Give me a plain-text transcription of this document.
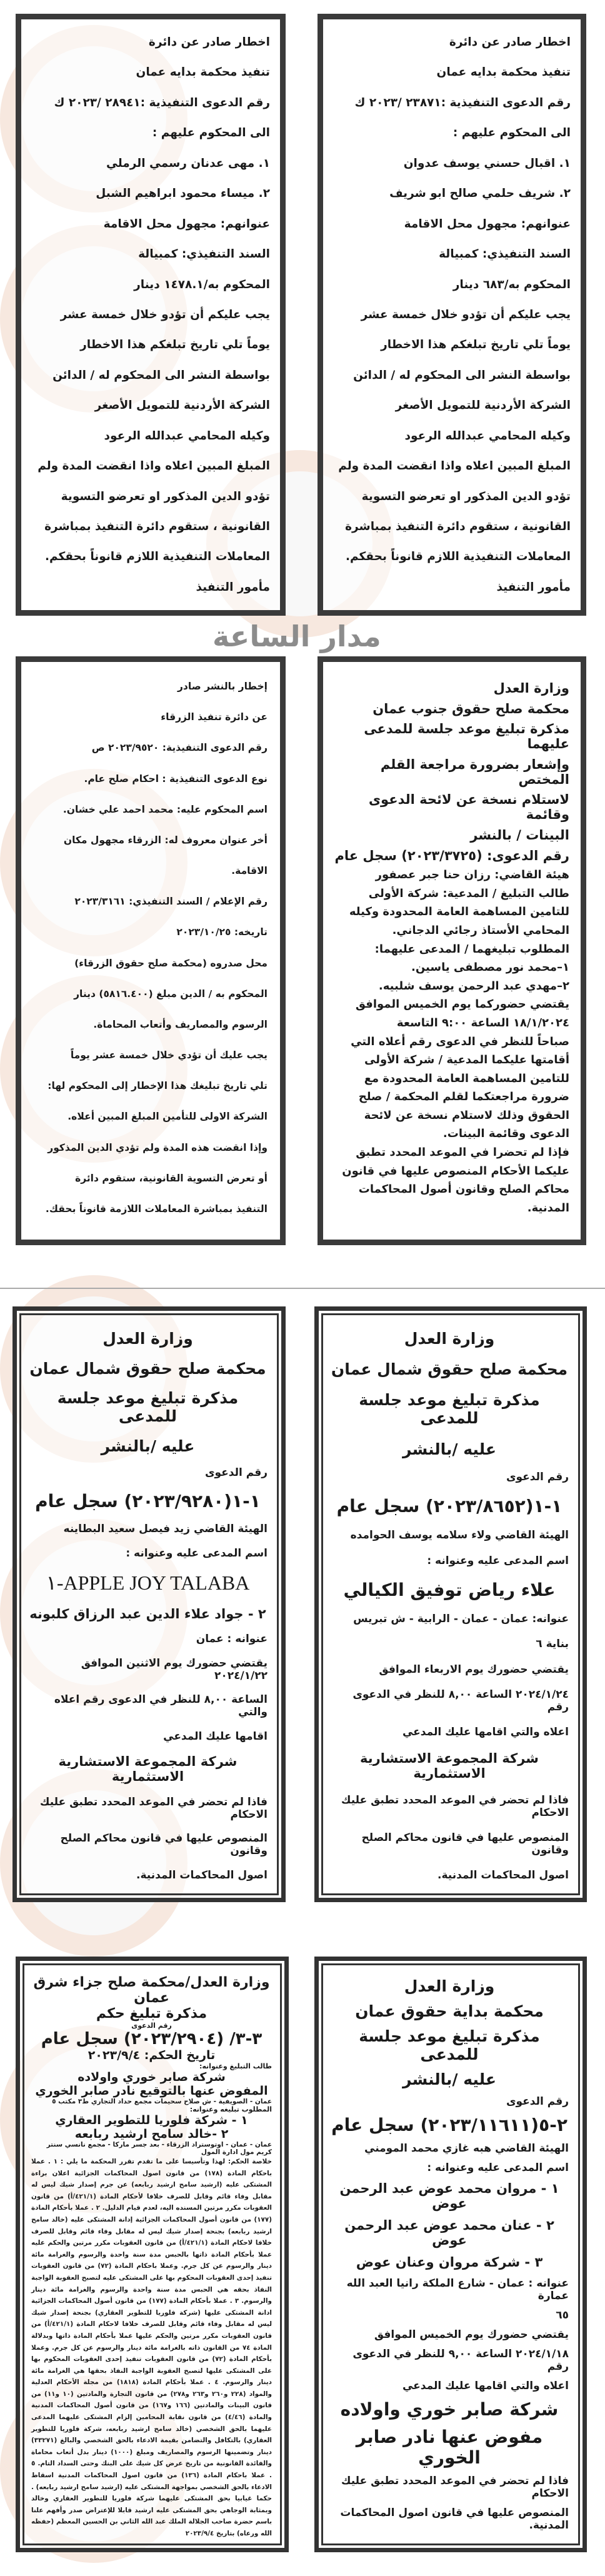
مدار الساعة
اخطار صادر عن دائرة
تنفيذ محكمة بدايه عمان
رقم الدعوى التنفيذية :٢٣٨٧١ /٢٠٢٣ ك
الى المحكوم عليهم :
١. اقبال حسني يوسف عدوان
٢. شريف حلمي صالح ابو شريف
عنوانهم: مجهول محل الاقامة
السند التنفيذي: كمبيالة
المحكوم به/٦٨٣ دينار
يجب عليكم أن تؤدو خلال خمسة عشر
يوماً تلي تاريخ تبلغكم هذا الاخطار
بواسطة النشر الى المحكوم له / الدائن
الشركة الأردنية للتمويل الأصغر
وكيله المحامي عبدالله الرعود
المبلغ المبين اعلاه واذا انقضت المدة ولم
تؤدو الدين المذكور او تعرضو التسوية
القانونية ، ستقوم دائرة التنفيذ بمباشرة
المعاملات التنفيذية اللازم قانوناً بحقكم.
مأمور التنفيذ
اخطار صادر عن دائرة
تنفيذ محكمة بدايه عمان
رقم الدعوى التنفيذية :٢٨٩٤١ /٢٠٢٣ ك
الى المحكوم عليهم :
١. مهى عدنان رسمي الرملي
٢. ميساء محمود ابراهيم الشبل
عنوانهم: مجهول محل الاقامة
السند التنفيذي: كمبيالة
المحكوم به/١٤٧٨.١ دينار
يجب عليكم أن تؤدو خلال خمسة عشر
يوماً تلي تاريخ تبلغكم هذا الاخطار
بواسطة النشر الى المحكوم له / الدائن
الشركة الأردنية للتمويل الأصغر
وكيله المحامي عبدالله الرعود
المبلغ المبين اعلاه واذا انقضت المدة ولم
تؤدو الدين المذكور او تعرضو التسوية
القانونية ، ستقوم دائرة التنفيذ بمباشرة
المعاملات التنفيذية اللازم قانوناً بحقكم.
مأمور التنفيذ
وزارة العدل
محكمة صلح حقوق جنوب عمان
مذكرة تبليغ موعد جلسة للمدعى عليهما
وإشعار بضرورة مراجعة القلم المختص
لاستلام نسخة عن لائحة الدعوى وقائمة
البينات / بالنشر
رقم الدعوى: (٢٠٢٣/٣٧٢٥) سجل عام
هيئة القاضي: رزان حنا جبر عصفور
طالب التبليغ / المدعية: شركة الأولى
للتامين المساهمة العامة المحدودة وكيله
المحامي الأستاذ رجائي الدجاني.
المطلوب تبليغهما / المدعى عليهما:
١–محمد نور مصطفى ياسين.
٢–مهدي عبد الرحمن يوسف شلبيه.
يقتضي حضوركما يوم الخميس الموافق
١٨/١/٢٠٢٤ الساعة ٩:٠٠ التاسعة
صباحاً للنظر في الدعوى رقم أعلاه التي
أقامتها عليكما المدعية / شركة الأولى
للتامين المساهمة العامة المحدودة مع
ضرورة مراجعتكما لقلم المحكمة / صلح
الحقوق وذلك لاستلام نسخة عن لائحة
الدعوى وقائمة البينات.
فإذا لم تحضرا في الموعد المحدد تطبق
عليكما الأحكام المنصوص عليها في قانون
محاكم الصلح وقانون أصول المحاكمات
المدنية.
إخطار بالنشر صادر
عن دائرة تنفيذ الزرقاء
رقم الدعوى التنفيذية: ٢٠٢٣/٩٥٢٠ ص
نوع الدعوى التنفيذية : احكام صلح عام.
اسم المحكوم عليه: محمد احمد علي خشان.
أخر عنوان معروف له: الزرقاء مجهول مكان
الاقامة.
رقم الإعلام / السند التنفيذي: ٢٠٢٣/٣١٦١
تاريخه: ٢٠٢٣/١٠/٢٥
محل صدروه (محكمة صلح حقوق الزرقاء)
المحكوم به / الدين مبلغ (٥٨١٦.٤٠٠) دينار
الرسوم والمصاريف وأتعاب المحاماة.
يجب عليك أن تؤدي خلال خمسة عشر يوماً
تلي تاريخ تبليغك هذا الإخطار إلى المحكوم لها:
الشركة الاولى للتأمين المبلغ المبين أعلاه.
وإذا انقضت هذه المدة ولم تؤدي الدين المذكور
أو تعرض التسوية القانونية، ستقوم دائرة
التنفيذ بمباشرة المعاملات اللازمة قانوناً بحقك.
وزارة العدل
محكمة صلح حقوق شمال عمان
مذكرة تبليغ موعد جلسة للمدعى
عليه /بالنشر
رقم الدعوى
١-١(٢٠٢٣/٨٦٥٢) سجل عام
الهيئة القاضي ولاء سلامه يوسف الحوامده
اسم المدعى عليه وعنوانه :
علاء رياض توفيق الكيالي
عنوانه: عمان - عمان - الرابية - ش تبريس
بناية ٦
يقتضي حضورك يوم الاربعاء الموافق
٢٠٢٤/١/٢٤ الساعة ٨,٠٠ للنظر في الدعوى رقم
اعلاه والتي اقامها عليك المدعي
شركة المجموعة الاستشارية الاستثمارية
فاذا لم تحضر في الموعد المحدد تطبق عليك الاحكام
المنصوص عليها في قانون محاكم الصلح وقانون
اصول المحاكمات المدنية.
وزارة العدل
محكمة صلح حقوق شمال عمان
مذكرة تبليغ موعد جلسة للمدعى
عليه /بالنشر
رقم الدعوى
١-١(٢٠٢٣/٩٢٨٠) سجل عام
الهيئة القاضي زيد فيصل سعيد البطاينه
اسم المدعى عليه وعنوانه :
APPLE JOY TALABA-١
٢ - جواد علاء الدين عبد الرزاق كلبونه
عنوانه : عمان
يقتضي حضورك يوم الاثنين الموافق ٢٠٢٤/١/٢٢
الساعة ٨,٠٠ للنظر في الدعوى رقم اعلاه والتي
اقامها عليك المدعي
شركة المجموعة الاستشارية الاستثمارية
فاذا لم تحضر في الموعد المحدد تطبق عليك الاحكام
المنصوص عليها في قانون محاكم الصلح وقانون
اصول المحاكمات المدنية.
وزارة العدل
محكمة بداية حقوق عمان
مذكرة تبليغ موعد جلسة للمدعى
عليه /بالنشر
رقم الدعوى
٢-٥(٢٠٢٣/١١٦١١) سجل عام
الهيئة القاضي هبه غازي محمد المومني
اسم المدعى عليه وعنوانه :
١ - مروان محمد عوض عبد الرحمن عوض
٢ - عنان محمد عوض عبد الرحمن عوض
٣ - شركة مروان وعنان عوض
عنوانه : عمان - شارع الملكة رانيا العبد الله عمارة
٦٥
يقتضي حضورك يوم الخميس الموافق
٢٠٢٤/١/١٨ الساعة ٩,٠٠ للنظر في الدعوى رقم
اعلاه والتي اقامها عليك المدعي
شركة صابر خوري واولاده
مفوض عنها نادر صابر الخوري
فاذا لم تحضر في الموعد المحدد تطبق عليك الاحكام
المنصوص عليها في قانون اصول المحاكمات المدنية.
وزارة العدل/محكمة صلح جزاء شرق عمان
مذكرة تبليغ حكم
رقم الدعوى
٣-٣/ (٢٠٢٣/٢٩٠٤) سجل عام
تاريخ الحكم: ٢٠٢٣/٩/٤
طالب التبليغ وعنوانه:
شركة صابر خوري واولاده
المفوض عنها بالتوقيع نادر صابر الخوري
عمان - الصويفية - ش صلاح سحيمات مجمع حداد التجاري ط٣ مكتب ٥
المطلوب تبليغه وعنوانه:
١ - شركة فلوريا للتطوير العقاري
٢ -خالد سامح ارشيد ربابعه
عمان - عمان - اوتوستراد الزرقاء - بعد جسر ماركا - مجمع نانسي سنتر كريم مول ادارة المول
خلاصة الحكم: لهذا وتأسيسا على ما تقدم تقرر المحكمة ما يلي : ١ . عملا باحكام المادة (١٧٨) من قانون اصول المحاكمات الجزائية اعلان براءة المشتكى عليه (ارشيد سامح ارشيد ربابعه) عن جرم إصدار شيك ليس له مقابل وفاء قائم وقابل للصرف خلافا لأحكام المادة (٤٢١/١/أ) من قانون العقوبات مكرر مرتين المسنده اليه، لعدم قيام الدليل. ٢ . عملا بأحكام المادة (١٧٧) من قانون أصول المحاكمات الجزائية إدانة المشتكى عليه (خالد سامح ارشيد ربابعه) بجنحة إصدار شيك ليس له مقابل وفاء قائم وقابل للصرف خلافا لاحكام المادة (٤٢١/١/أ) من قانون العقوبات مكرر مرتين والحكم عليه عملا بأحكام المادة ذاتها بالحبس مدة سنة واحدة والرسوم والغرامة مائة دينار والرسوم عن كل جرم. وعملا باحكام المادة (٧٢) من قانون العقوبات تنفيذ إحدى العقوبات المحكوم بها على المشتكى عليه لتصبح العقوبة الواجبة النفاذ بحقه هي الحبس مدة سنة واحدة والرسوم والغرامة مائة دينار والرسوم. ٣ . عملا بأحكام المادة (١٧٧) من قانون أصول المحاكمات الجزائية ادانة المشتكى عليها (شركة فلوريا للتطوير العقاري) بجنحة إصدار شيك ليس له مقابل وفاء قائم وقابل للصرف خلافا لاحكام المادة (٤٢١/١/أ) من قانون العقوبات مكرر مرتين والحكم عليها عملا بأحكام المادة ذاتها وبدلالة المادة ٧٤ من القانون ذاته بالغرامة مائة دينار والرسوم عن كل جرم. وعملا بأحكام المادة (٧٢) من قانون العقوبات تنفيذ إحدى العقوبات المحكوم بها على المشتكى عليها لتصبح العقوبة الواجبة النفاذ بحقها هي الغرامة مائة دينار والرسوم. ٤ . عملا بأحكام المادة (١٨١٨) من مجلة الأحكام العدلية والمواد (٢٢٨ و٢٦٠ و٢٦٣ و٢٧٨) من قانون التجارة والمادتين (١٠ و١١) من قانون البينات والمادتين (١٦٦ و١٦٧) من قانون أصول المحاكمات المدنية والمادة (٤/٤٦) من قانون نقابة المحامين إلزام المشتكى عليهما المدعى عليهما بالحق الشخصي (خالد سامح ارشيد ربابعه، شركة فلوريا للتطوير العقاري) بالتكافل والتضامن بقيمة الادعاء بالحق الشخصي والبالغ (٣٣٢٧١) دينار وتضمينها الرسوم والمصاريف ومبلغ (١٠٠٠) دينار بدل أتعاب محاماة والفائدة القانونية من تاريخ عرض كل شيك على البنك وحتى السداد التام. ٥ . عملا باحكام المادة (١٣٦) من قانون اصول المحاكمات المدنية اسقاط الادعاء بالحق الشخصي بمواجهة المشتكى عليه (ارشيد سامح ارشيد ربابعه) . حكما غيابيا بحق المشتكى عليهما شركة فلوريا للتطوير العقاري وخالد وبمثابة الوجاهي بحق المشتكى عليه ارشيد قابلا للإعتراض صدر وأفهم علنا باسم حضرة صاحب الجلالة الملك عبد الله الثاني بن الحسين المعظم (حفظه الله ورعاه) بتاريخ ٢٠٢٣/٩/٤
